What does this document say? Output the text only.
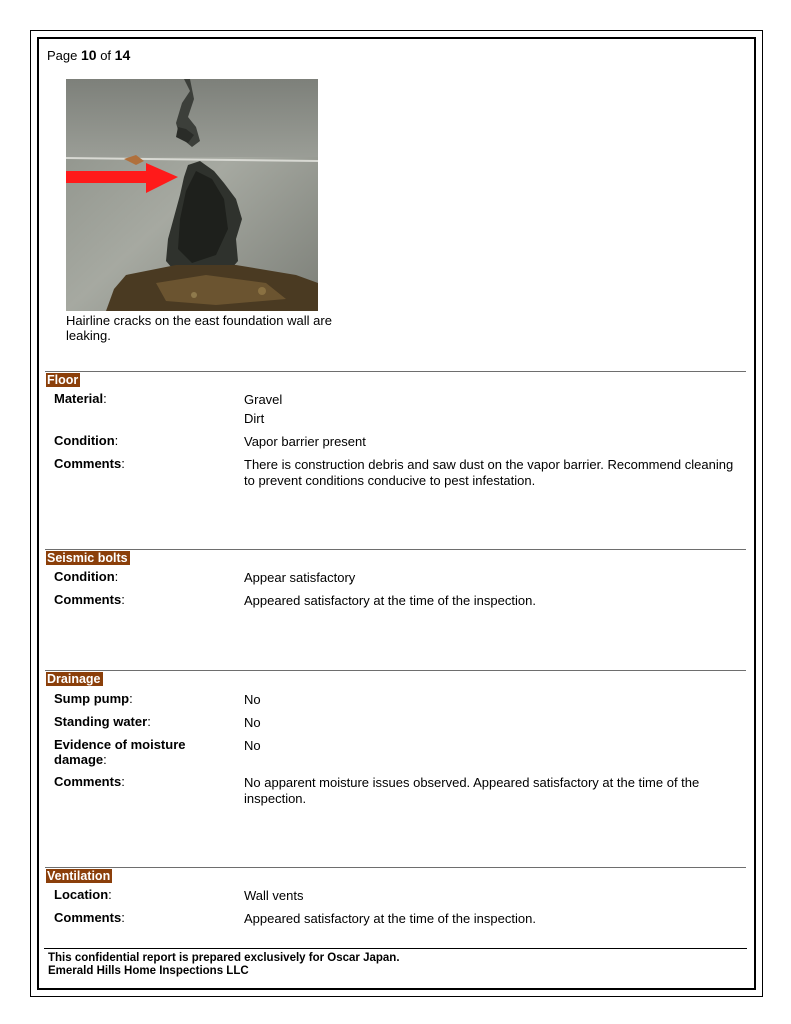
Page 10 of 14
Hairline cracks on the east foundation wall are leaking.
Floor
Material:	Gravel
Dirt
Condition:	Vapor barrier present
Comments:	There is construction debris and saw dust on the vapor barrier. Recommend cleaning to prevent conditions conducive to pest infestation.
Seismic bolts
Condition:	Appear satisfactory
Comments:	Appeared satisfactory at the time of the inspection.
Drainage
Sump pump:	No
Standing water:	No
Evidence of moisture damage:
No
Comments:	No apparent moisture issues observed. Appeared satisfactory at the time of the inspection.
Ventilation
Location:	Wall vents
Comments:	Appeared satisfactory at the time of the inspection.
This confidential report is prepared exclusively for Oscar Japan.
Emerald Hills Home Inspections LLC
